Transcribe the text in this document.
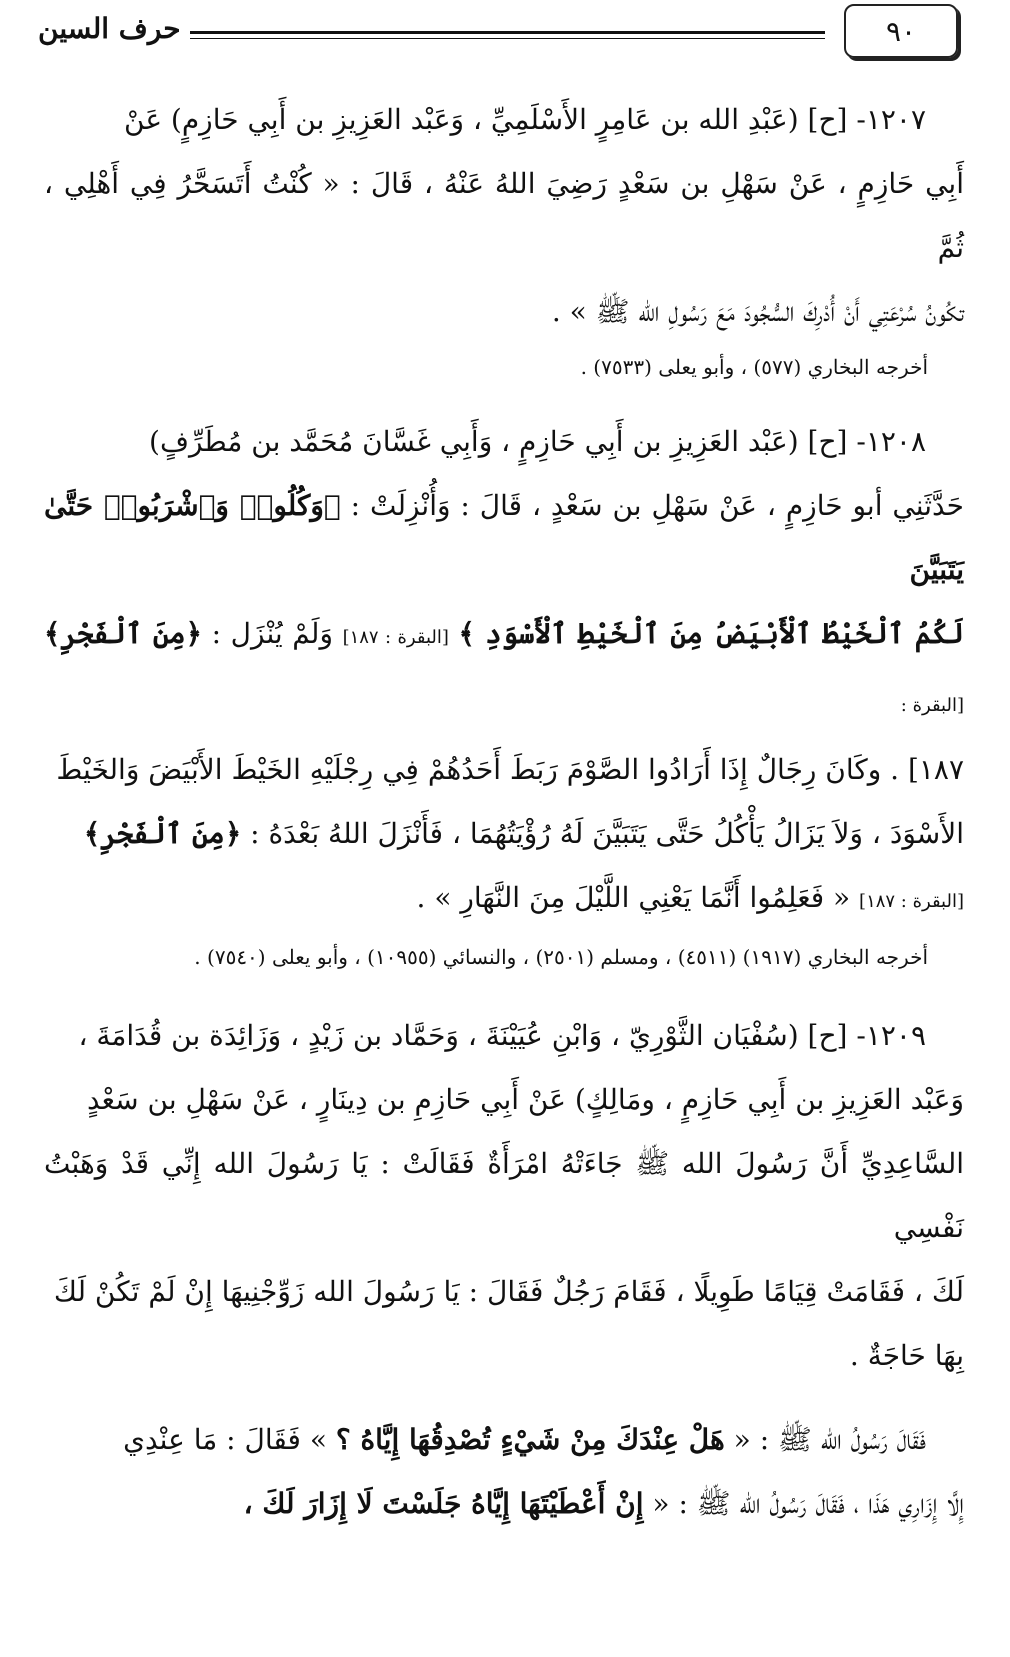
٩٠
حرف السين

١٢٠٧- [ح] (عَبْدِ الله بن عَامِرٍ الأَسْلَمِيِّ ، وَعَبْد العَزِيزِ بن أَبِي حَازِمٍ) عَنْ

أَبِي حَازِمٍ ، عَنْ سَهْلِ بن سَعْدٍ رَضِيَ اللهُ عَنْهُ ، قَالَ : « كُنْتُ أَتَسَحَّرُ فِي أَهْلِي ، ثُمَّ

تكُونُ سُرْعَتِي أَنْ أُدْرِكَ السُّجُودَ مَعَ رَسُولِ الله ﷺ » .

أخرجه البخاري (٥٧٧) ، وأبو يعلى (٧٥٣٣) .

١٢٠٨- [ح] (عَبْد العَزِيزِ بن أَبِي حَازِمٍ ، وَأَبِي غَسَّانَ مُحَمَّد بن مُطَرِّفٍ)

حَدَّثَنِي أبو حَازِمٍ ، عَنْ سَهْلِ بن سَعْدٍ ، قَالَ : وَأُنْزِلَتْ : ﴿وَكُلُوا۟ وَٱشْرَبُوا۟ حَتَّىٰ يَتَبَيَّنَ

لَكُمُ ٱلْخَيْطُ ٱلْأَبْيَضُ مِنَ ٱلْخَيْطِ ٱلْأَسْوَدِ ﴾ [البقرة : ١٨٧] وَلَمْ يُنْزَل : ﴿مِنَ ٱلْفَجْرِ﴾ [البقرة :

١٨٧] . وكَانَ رِجَالٌ إِذَا أَرَادُوا الصَّوْمَ رَبَطَ أَحَدُهُمْ فِي رِجْلَيْهِ الخَيْطَ الأَبْيَضَ وَالخَيْطَ

الأَسْوَدَ ، وَلاَ يَزَالُ يَأْكُلُ حَتَّى يَتَبَيَّنَ لَهُ رُؤْيَتُهُمَا ، فَأَنْزَلَ اللهُ بَعْدَهُ : ﴿مِنَ ٱلْفَجْرِ﴾

[البقرة : ١٨٧] « فَعَلِمُوا أَنَّمَا يَعْنِي اللَّيْلَ مِنَ النَّهَارِ » .

أخرجه البخاري (١٩١٧) (٤٥١١) ، ومسلم (٢٥٠١) ، والنسائي (١٠٩٥٥) ، وأبو يعلى (٧٥٤٠) .

١٢٠٩- [ح] (سُفْيَان الثَّوْرِيّ ، وَابْنِ عُيَيْنَةَ ، وَحَمَّاد بن زَيْدٍ ، وَزَائِدَة بن قُدَامَةَ ،

وَعَبْد العَزِيزِ بن أَبِي حَازِمٍ ، ومَالِكٍ) عَنْ أَبِي حَازِمِ بن دِينَارٍ ، عَنْ سَهْلِ بن سَعْدٍ

السَّاعِدِيِّ أَنَّ رَسُولَ الله ﷺ جَاءَتْهُ امْرَأَةٌ فَقَالَتْ : يَا رَسُولَ الله إِنِّي قَدْ وَهَبْتُ نَفْسِي

لَكَ ، فَقَامَتْ قِيَامًا طَوِيلًا ، فَقَامَ رَجُلٌ فَقَالَ : يَا رَسُولَ الله زَوِّجْنِيهَا إِنْ لَمْ تَكُنْ لَكَ

بِهَا حَاجَةٌ .

فَقَالَ رَسُولُ الله ﷺ : « هَلْ عِنْدَكَ مِنْ شَيْءٍ تُصْدِقُهَا إِيَّاهُ ؟ » فَقَالَ : مَا عِنْدِي

إِلَّا إِزَارِي هَذَا ، فَقَالَ رَسُولُ الله ﷺ : « إِنْ أَعْطَيْتَهَا إِيَّاهُ جَلَسْتَ لَا إِزَارَ لَكَ ،
